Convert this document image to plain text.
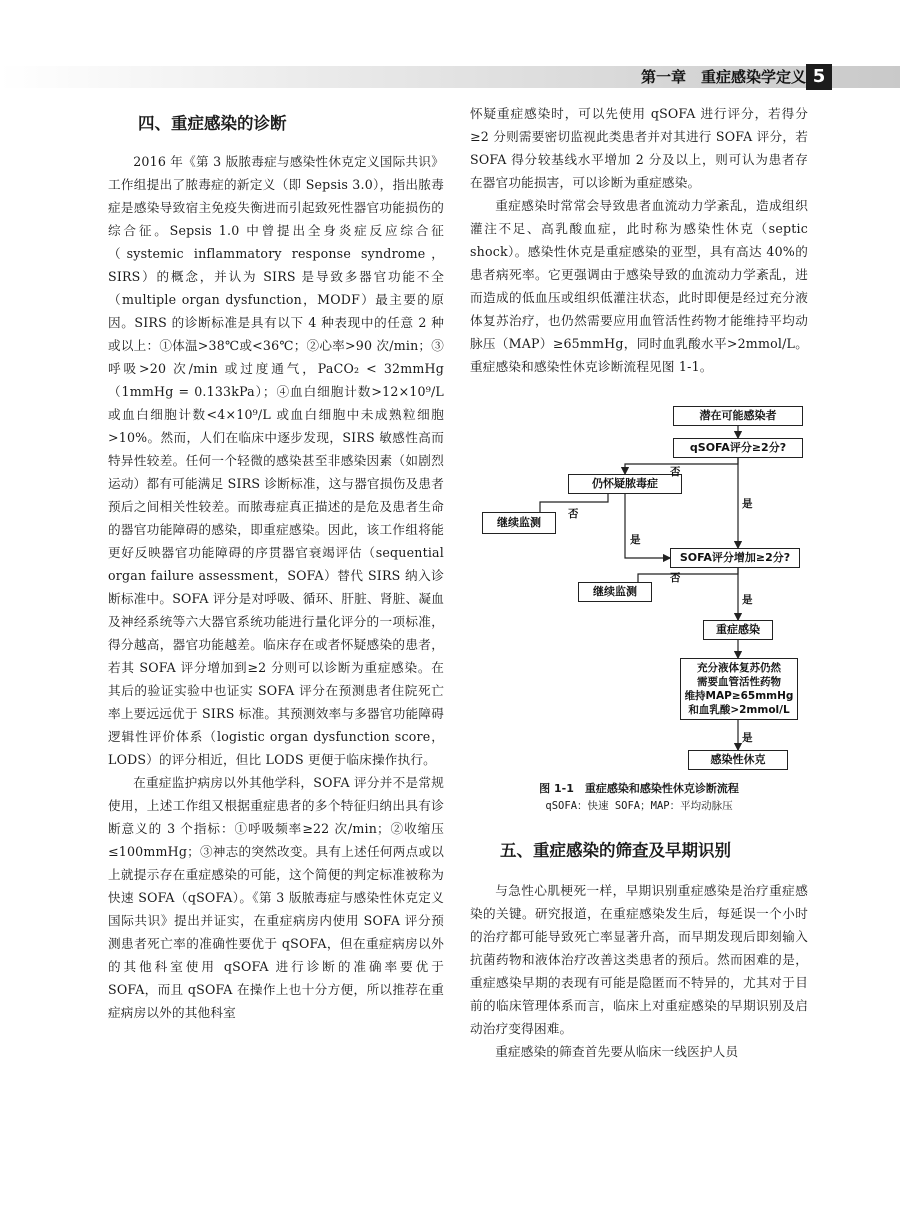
第一章　重症感染学定义 5
四、重症感染的诊断

2016 年《第 3 版脓毒症与感染性休克定义国际共识》工作组提出了脓毒症的新定义（即 Sepsis 3.0），指出脓毒症是感染导致宿主免疫失衡进而引起致死性器官功能损伤的综合征。Sepsis 1.0 中曾提出全身炎症反应综合征（systemic inflammatory response syndrome，SIRS）的概念，并认为 SIRS 是导致多器官功能不全（multiple organ dysfunction，MODF）最主要的原因。SIRS 的诊断标准是具有以下 4 种表现中的任意 2 种或以上：①体温>38℃或<36℃；②心率>90 次/min；③呼吸>20 次/min 或过度通气，PaCO₂ < 32mmHg（1mmHg = 0.133kPa）；④血白细胞计数>12×10⁹/L 或血白细胞计数<4×10⁹/L 或血白细胞中未成熟粒细胞>10%。然而，人们在临床中逐步发现，SIRS 敏感性高而特异性较差。任何一个轻微的感染甚至非感染因素（如剧烈运动）都有可能满足 SIRS 诊断标准，这与器官损伤及患者预后之间相关性较差。而脓毒症真正描述的是危及患者生命的器官功能障碍的感染，即重症感染。因此，该工作组将能更好反映器官功能障碍的序贯器官衰竭评估（sequential organ failure assessment，SOFA）替代 SIRS 纳入诊断标准中。SOFA 评分是对呼吸、循环、肝脏、肾脏、凝血及神经系统等六大器官系统功能进行量化评分的一项标准，得分越高，器官功能越差。临床存在或者怀疑感染的患者，若其 SOFA 评分增加到≥2 分则可以诊断为重症感染。在其后的验证实验中也证实 SOFA 评分在预测患者住院死亡率上要远远优于 SIRS 标准。其预测效率与多器官功能障碍逻辑性评价体系（logistic organ dysfunction score，LODS）的评分相近，但比 LODS 更便于临床操作执行。

在重症监护病房以外其他学科，SOFA 评分并不是常规使用，上述工作组又根据重症患者的多个特征归纳出具有诊断意义的 3 个指标：①呼吸频率≥22 次/min；②收缩压≤100mmHg；③神志的突然改变。具有上述任何两点或以上就提示存在重症感染的可能，这个简便的判定标准被称为快速 SOFA（qSOFA）。《第 3 版脓毒症与感染性休克定义国际共识》提出并证实，在重症病房内使用 SOFA 评分预测患者死亡率的准确性要优于 qSOFA，但在重症病房以外的其他科室使用 qSOFA 进行诊断的准确率要优于 SOFA，而且 qSOFA 在操作上也十分方便，所以推荐在重症病房以外的其他科室

怀疑重症感染时，可以先使用 qSOFA 进行评分，若得分≥2 分则需要密切监视此类患者并对其进行 SOFA 评分，若 SOFA 得分较基线水平增加 2 分及以上，则可认为患者存在器官功能损害，可以诊断为重症感染。

重症感染时常常会导致患者血流动力学紊乱，造成组织灌注不足、高乳酸血症，此时称为感染性休克（septic shock）。感染性休克是重症感染的亚型，具有高达 40%的患者病死率。它更强调由于感染导致的血流动力学紊乱，进而造成的低血压或组织低灌注状态，此时即便是经过充分液体复苏治疗，也仍然需要应用血管活性药物才能维持平均动脉压（MAP）≥65mmHg，同时血乳酸水平>2mmol/L。重症感染和感染性休克诊断流程见图 1-1。

潜在可能感染者
qSOFA评分≥2分?
仍怀疑脓毒症
继续监测
SOFA评分增加≥2分?
继续监测
重症感染
充分液体复苏仍然
需要血管活性药物
维持MAP≥65mmHg
和血乳酸>2mmol/L
否
是
否
是
否
是
是
感染性休克
图 1-1　重症感染和感染性休克诊断流程
qSOFA：快速 SOFA；MAP：平均动脉压
五、重症感染的筛查及早期识别

与急性心肌梗死一样，早期识别重症感染是治疗重症感染的关键。研究报道，在重症感染发生后，每延误一个小时的治疗都可能导致死亡率显著升高，而早期发现后即刻输入抗菌药物和液体治疗改善这类患者的预后。然而困难的是，重症感染早期的表现有可能是隐匿而不特异的，尤其对于目前的临床管理体系而言，临床上对重症感染的早期识别及启动治疗变得困难。

重症感染的筛查首先要从临床一线医护人员
